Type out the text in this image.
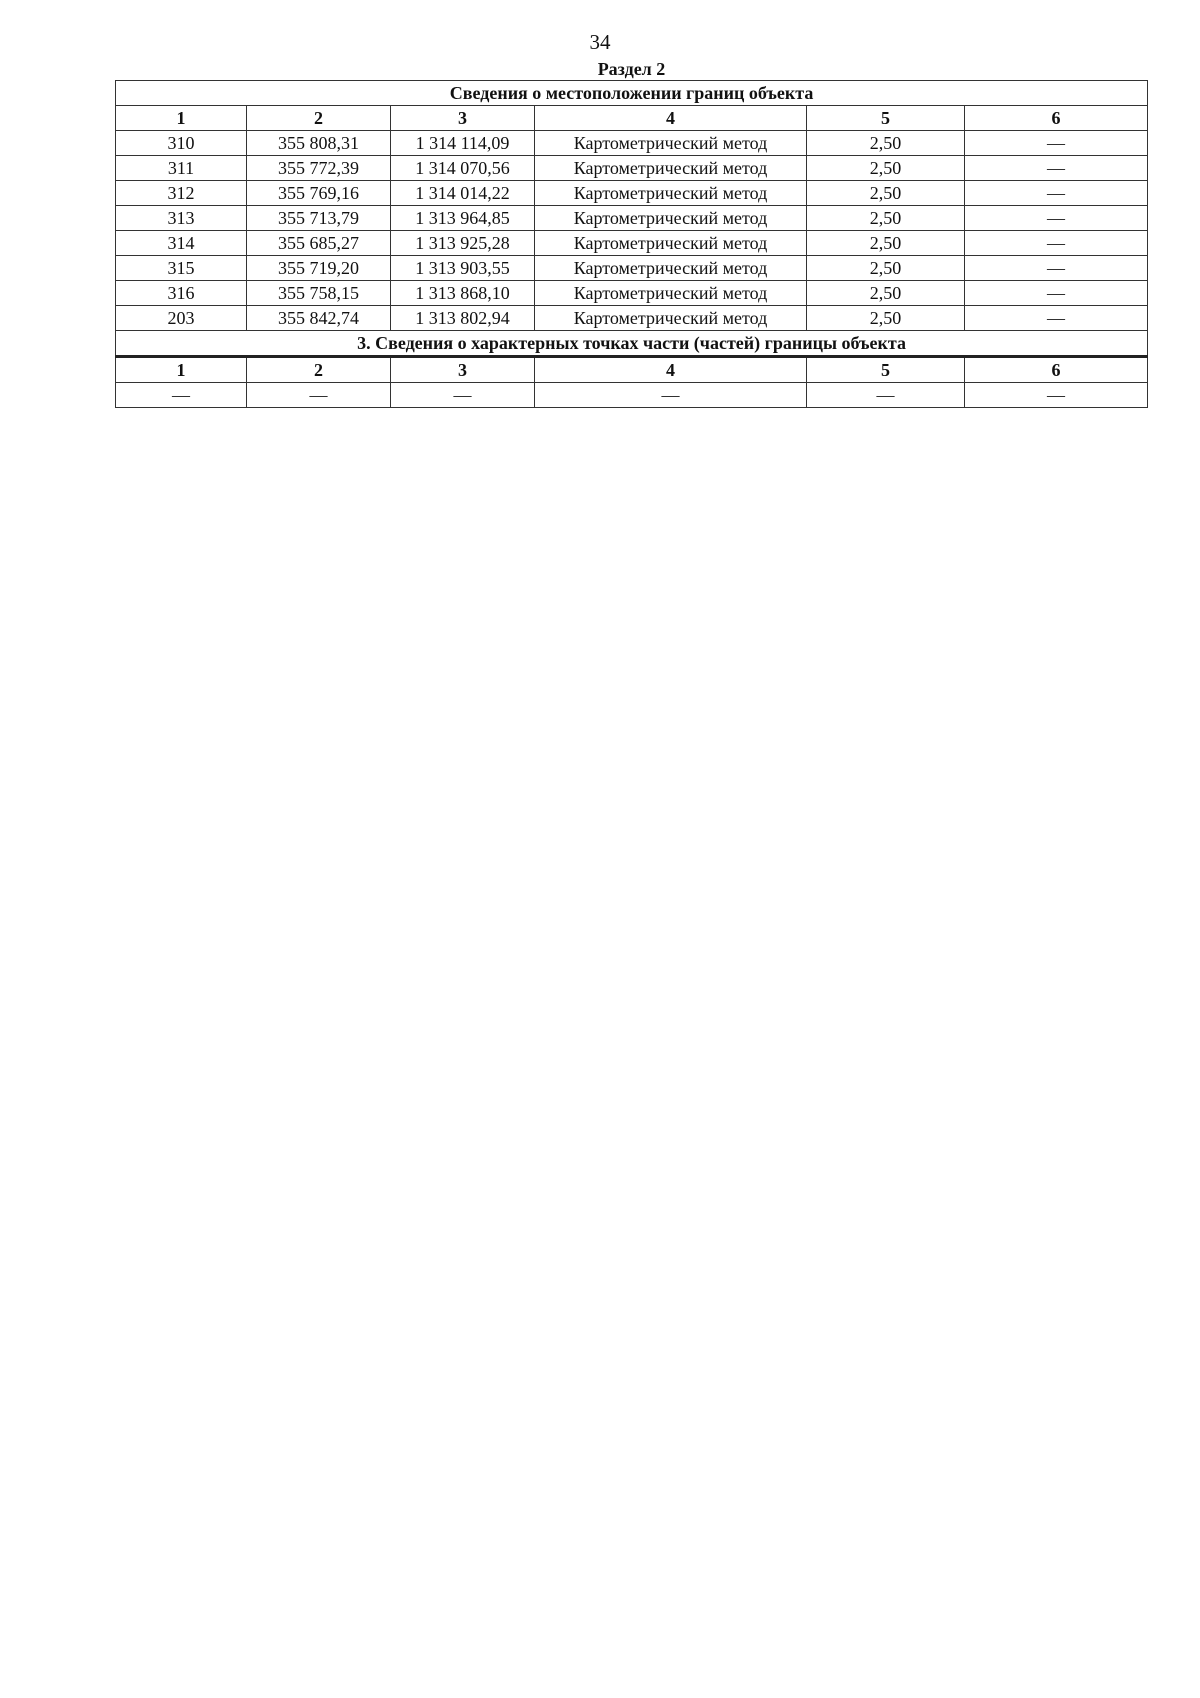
34
Раздел 2
Сведения о местоположении границ объекта					
1	2	3	4	5	6
310	355 808,31	1 314 114,09	Картометрический метод	2,50	—
311	355 772,39	1 314 070,56	Картометрический метод	2,50	—
312	355 769,16	1 314 014,22	Картометрический метод	2,50	—
313	355 713,79	1 313 964,85	Картометрический метод	2,50	—
314	355 685,27	1 313 925,28	Картометрический метод	2,50	—
315	355 719,20	1 313 903,55	Картометрический метод	2,50	—
316	355 758,15	1 313 868,10	Картометрический метод	2,50	—
203	355 842,74	1 313 802,94	Картометрический метод	2,50	—
3. Сведения о характерных точках части (частей) границы объекта					
1	2	3	4	5	6
—	—	—	—	—	—
